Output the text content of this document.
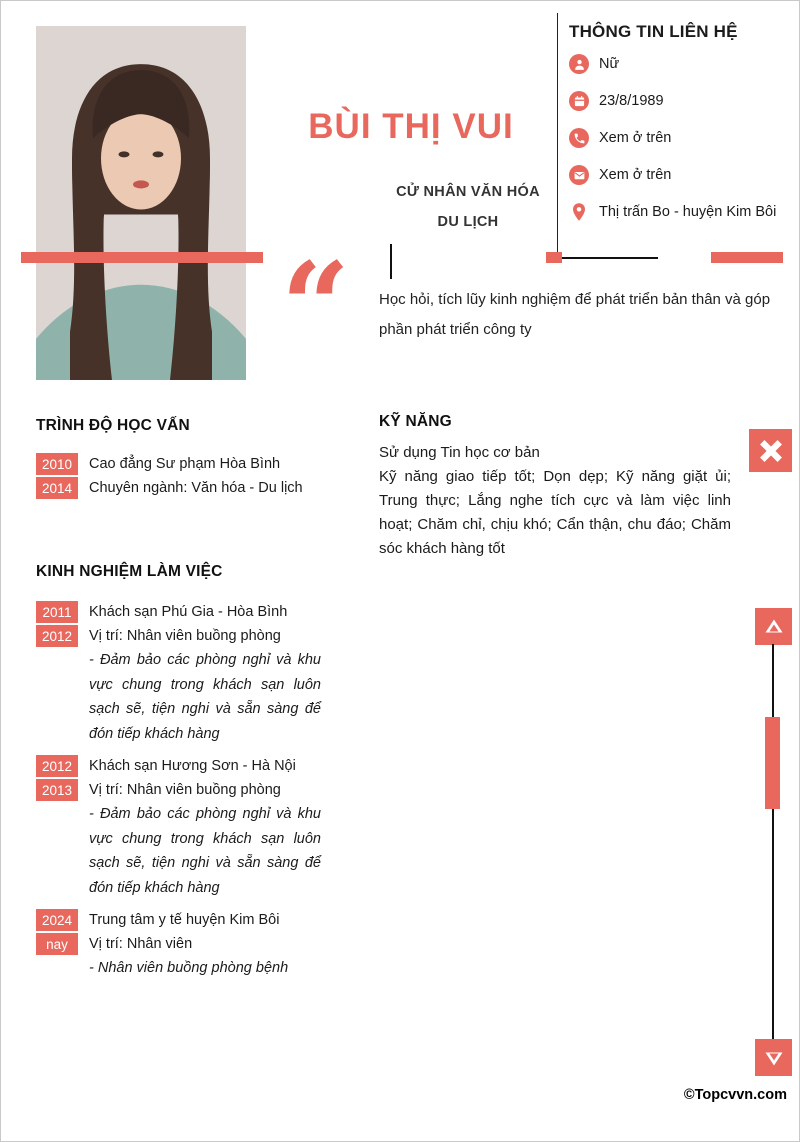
BÙI THỊ VUI
CỬ NHÂN VĂN HÓA
DU LỊCH
THÔNG TIN LIÊN HỆ
Nữ
23/8/1989
Xem ở trên
Xem ở trên
Thị trấn Bo - huyện Kim Bôi
“ Học hỏi, tích lũy kinh nghiệm để phát triển bản thân và góp phần phát triển công ty
TRÌNH ĐỘ HỌC VẤN
2010
2014
Cao đẳng Sư phạm Hòa Bình
Chuyên ngành: Văn hóa - Du lịch
KỸ NĂNG
Sử dụng Tin học cơ bản
Kỹ năng giao tiếp tốt; Dọn dẹp; Kỹ năng giặt ủi; Trung thực; Lắng nghe tích cực và làm việc linh hoạt; Chăm chỉ, chịu khó; Cẩn thận, chu đáo; Chăm sóc khách hàng tốt
KINH NGHIỆM LÀM VIỆC
2011
2012
Khách sạn Phú Gia - Hòa Bình
Vị trí: Nhân viên buồng phòng
- Đảm bảo các phòng nghỉ và khu vực chung trong khách sạn luôn sạch sẽ, tiện nghi và sẵn sàng để đón tiếp khách hàng
2012
2013
Khách sạn Hương Sơn - Hà Nội
Vị trí: Nhân viên buồng phòng
- Đảm bảo các phòng nghỉ và khu vực chung trong khách sạn luôn sạch sẽ, tiện nghi và sẵn sàng để đón tiếp khách hàng
2024
nay
Trung tâm y tế huyện Kim Bôi
Vị trí: Nhân viên
- Nhân viên buồng phòng bệnh
©Topcvvn.com
